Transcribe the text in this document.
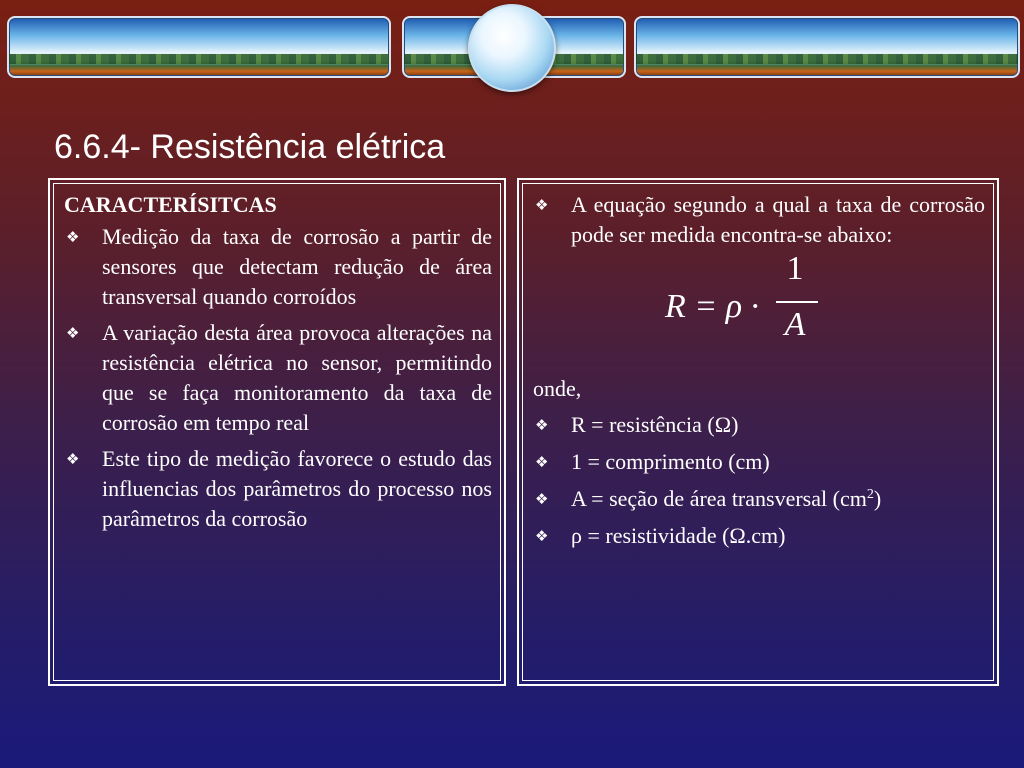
6.6.4- Resistência elétrica

CARACTERÍSITCAS

❖ Medição da taxa de corrosão a partir de sensores que detectam redução de área transversal quando corroídos
❖ A variação desta área provoca alterações na resistência elétrica no sensor, permitindo que se faça monitoramento da taxa de corrosão em tempo real
❖ Este tipo de medição favorece o estudo das influencias dos parâmetros do processo nos parâmetros da corrosão
❖ A equação segundo a qual a taxa de corrosão pode ser medida encontra-se abaixo:
R = ρ ·
1
A

onde,

❖ R = resistência (Ω)
❖ 1 = comprimento (cm)
❖ A = seção de área transversal $(cm^2)$
❖ ρ = resistividade (Ω.cm)
